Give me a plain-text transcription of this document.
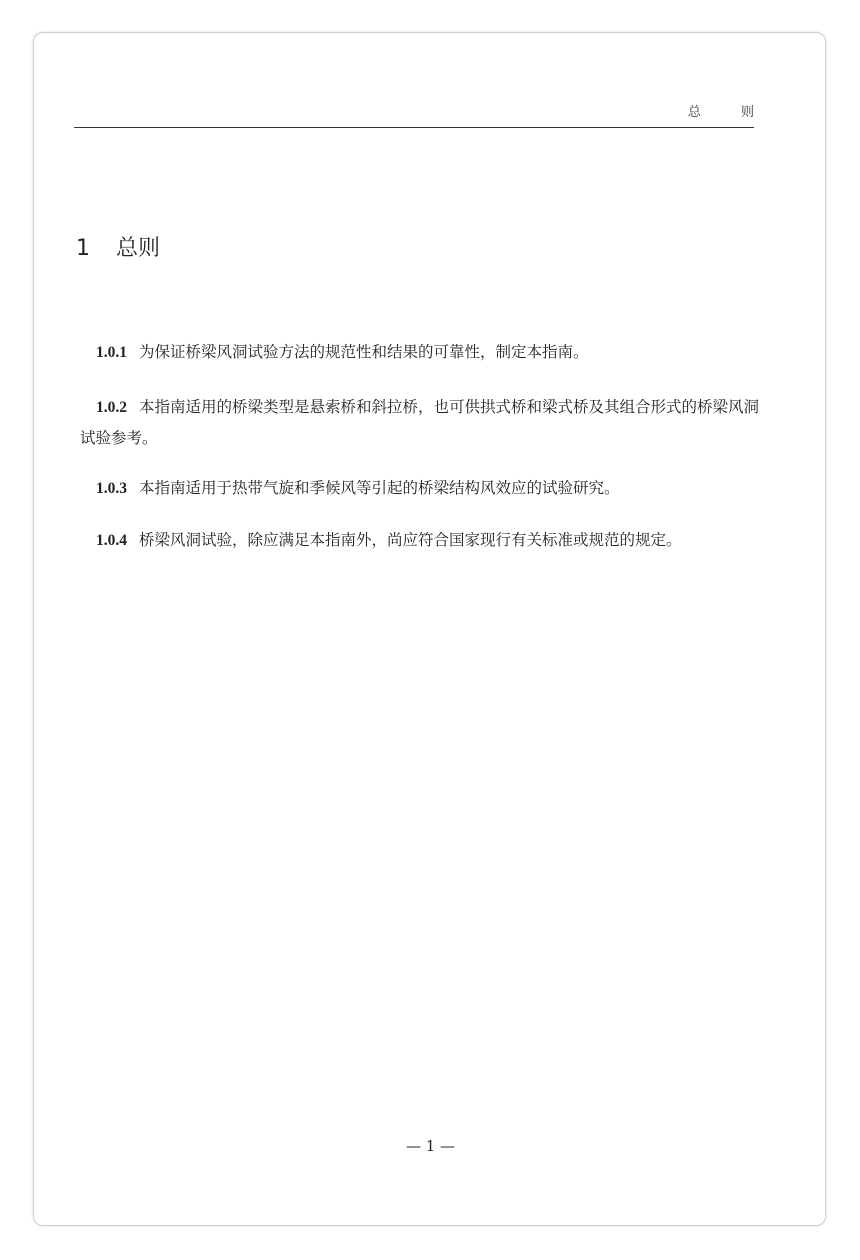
总 则
1 总则
1.0.1 为保证桥梁风洞试验方法的规范性和结果的可靠性，制定本指南。
1.0.2 本指南适用的桥梁类型是悬索桥和斜拉桥，也可供拱式桥和梁式桥及其组合形式的桥梁风洞试验参考。
1.0.3 本指南适用于热带气旋和季候风等引起的桥梁结构风效应的试验研究。
1.0.4 桥梁风洞试验，除应满足本指南外，尚应符合国家现行有关标准或规范的规定。
— 1 —
